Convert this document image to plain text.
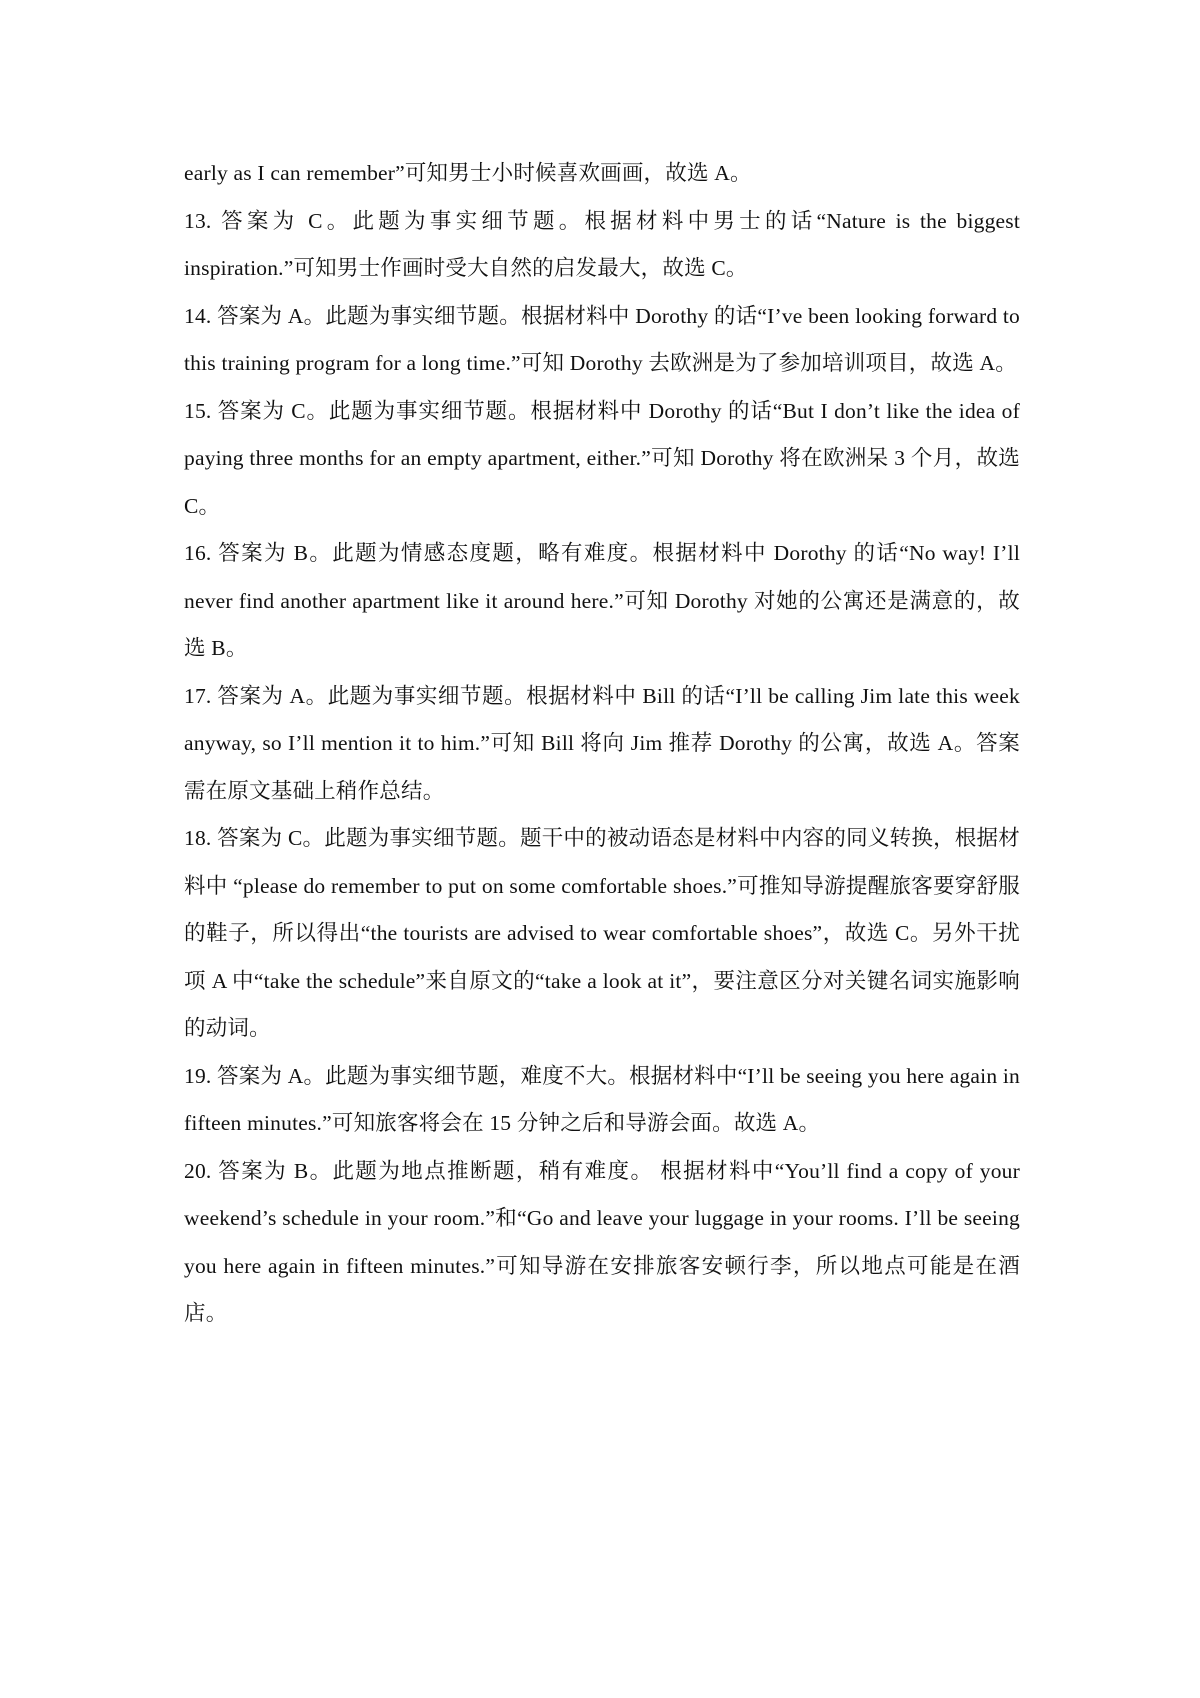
early as I can remember”可知男士小时候喜欢画画，故选 A。

13. 答案为 C。此题为事实细节题。根据材料中男士的话“Nature is the biggest inspiration.”可知男士作画时受大自然的启发最大，故选 C。

14. 答案为 A。此题为事实细节题。根据材料中 Dorothy 的话“I’ve been looking forward to this training program for a long time.”可知 Dorothy 去欧洲是为了参加培训项目，故选 A。

15. 答案为 C。此题为事实细节题。根据材料中 Dorothy 的话“But I don’t like the idea of paying three months for an empty apartment, either.”可知 Dorothy 将在欧洲呆 3 个月，故选 C。

16. 答案为 B。此题为情感态度题，略有难度。根据材料中 Dorothy 的话“No way! I’ll never find another apartment like it around here.”可知 Dorothy 对她的公寓还是满意的，故选 B。

17. 答案为 A。此题为事实细节题。根据材料中 Bill 的话“I’ll be calling Jim late this week anyway, so I’ll mention it to him.”可知 Bill 将向 Jim 推荐 Dorothy 的公寓，故选 A。答案需在原文基础上稍作总结。

18. 答案为 C。此题为事实细节题。题干中的被动语态是材料中内容的同义转换，根据材料中 “please do remember to put on some comfortable shoes.”可推知导游提醒旅客要穿舒服的鞋子，所以得出“the tourists are advised to wear comfortable shoes”，故选 C。另外干扰项 A 中“take the schedule”来自原文的“take a look at it”，要注意区分对关键名词实施影响的动词。

19. 答案为 A。此题为事实细节题，难度不大。根据材料中“I’ll be seeing you here again in fifteen minutes.”可知旅客将会在 15 分钟之后和导游会面。故选 A。

20. 答案为 B。此题为地点推断题，稍有难度。 根据材料中“You’ll find a copy of your weekend’s schedule in your room.”和“Go and leave your luggage in your rooms. I’ll be seeing you here again in fifteen minutes.”可知导游在安排旅客安顿行李，所以地点可能是在酒店。
